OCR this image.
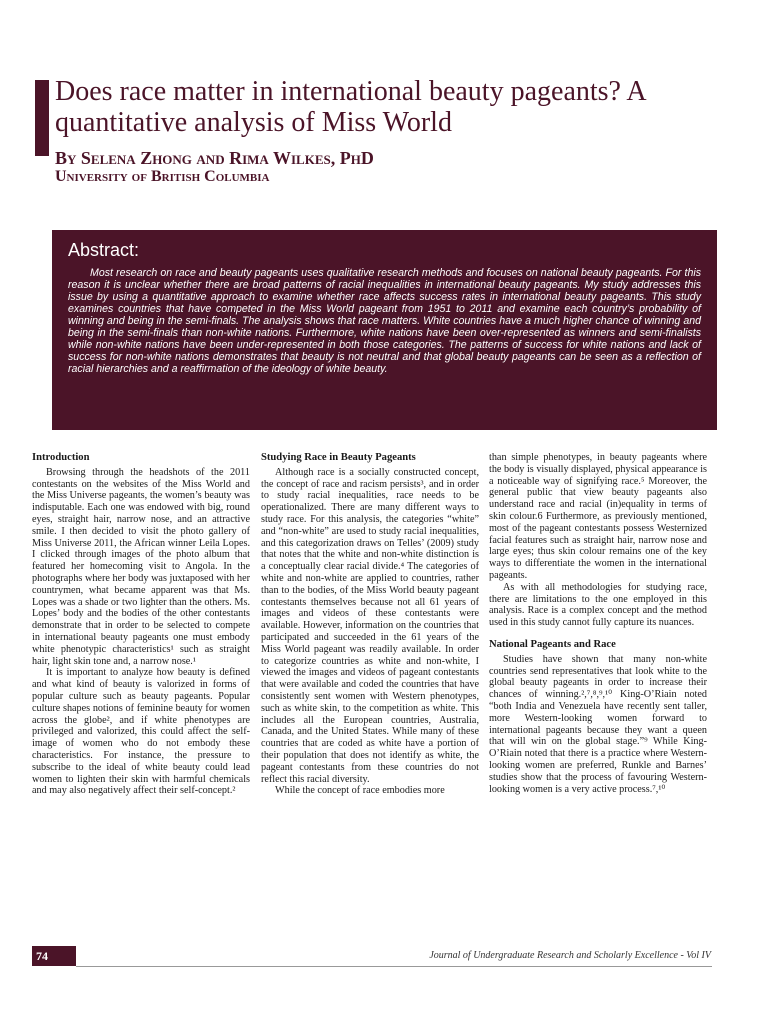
Does race matter in international beauty pageants? A quantitative analysis of Miss World

By Selena Zhong and Rima Wilkes, PhD

University of British Columbia

Abstract:

Most research on race and beauty pageants uses qualitative research methods and focuses on national beauty pageants. For this reason it is unclear whether there are broad patterns of racial inequalities in international beauty pageants. My study addresses this issue by using a quantitative approach to examine whether race affects success rates in international beauty pageants. This study examines countries that have competed in the Miss World pageant from 1951 to 2011 and examine each country’s probability of winning and being in the semi-finals. The analysis shows that race matters. White countries have a much higher chance of winning and being in the semi-finals than non-white nations. Furthermore, white nations have been over-represented as winners and semi-finalists while non-white nations have been under-represented in both those categories. The patterns of success for white nations and lack of success for non-white nations demonstrates that beauty is not neutral and that global beauty pageants can be seen as a reflection of racial hierarchies and a reaffirmation of the ideology of white beauty.

Introduction

Browsing through the headshots of the 2011 contestants on the websites of the Miss World and the Miss Universe pageants, the women’s beauty was indisputable. Each one was endowed with big, round eyes, straight hair, narrow nose, and an attractive smile. I then decided to visit the photo gallery of Miss Universe 2011, the African winner Leila Lopes. I clicked through images of the photo album that featured her homecoming visit to Angola. In the photographs where her body was juxtaposed with her countrymen, what became apparent was that Ms. Lopes was a shade or two lighter than the others. Ms. Lopes’ body and the bodies of the other contestants demonstrate that in order to be selected to compete in international beauty pageants one must embody white phenotypic characteristics¹ such as straight hair, light skin tone and, a narrow nose.¹

It is important to analyze how beauty is defined and what kind of beauty is valorized in forms of popular culture such as beauty pageants. Popular culture shapes notions of feminine beauty for women across the globe², and if white phenotypes are privileged and valorized, this could affect the self-image of women who do not embody these characteristics. For instance, the pressure to subscribe to the ideal of white beauty could lead women to lighten their skin with harmful chemicals and may also negatively affect their self-concept.²

Studying Race in Beauty Pageants

Although race is a socially constructed concept, the concept of race and racism persists³, and in order to study racial inequalities, race needs to be operationalized. There are many different ways to study race. For this analysis, the categories “white” and “non-white” are used to study racial inequalities, and this categorization draws on Telles’ (2009) study that notes that the white and non-white distinction is a conceptually clear racial divide.⁴ The categories of white and non-white are applied to countries, rather than to the bodies, of the Miss World beauty pageant contestants themselves because not all 61 years of images and videos of these contestants were available. However, information on the countries that participated and succeeded in the 61 years of the Miss World pageant was readily available. In order to categorize countries as white and non-white, I viewed the images and videos of pageant contestants that were available and coded the countries that have consistently sent women with Western phenotypes, such as white skin, to the competition as white. This includes all the European countries, Australia, Canada, and the United States. While many of these countries that are coded as white have a portion of their population that does not identify as white, the pageant contestants from these countries do not reflect this racial diversity.

While the concept of race embodies more

than simple phenotypes, in beauty pageants where the body is visually displayed, physical appearance is a noticeable way of signifying race.⁵ Moreover, the general public that view beauty pageants also understand race and racial (in)equality in terms of skin colour.6 Furthermore, as previously mentioned, most of the pageant contestants possess Westernized facial features such as straight hair, narrow nose and large eyes; thus skin colour remains one of the key ways to differentiate the women in the international pageants.

As with all methodologies for studying race, there are limitations to the one employed in this analysis. Race is a complex concept and the method used in this study cannot fully capture its nuances.

National Pageants and Race

Studies have shown that many non-white countries send representatives that look white to the global beauty pageants in order to increase their chances of winning.²,⁷,⁸,⁹,¹⁰ King-O’Riain noted “both India and Venezuela have recently sent taller, more Western-looking women forward to international pageants because they want a queen that will win on the global stage.”⁹ While King-O’Riain noted that there is a practice where Western-looking women are preferred, Runkle and Barnes’ studies show that the process of favouring Western-looking women is a very active process.⁷,¹⁰

74	Journal of Undergraduate Research and Scholarly Excellence - Vol IV
